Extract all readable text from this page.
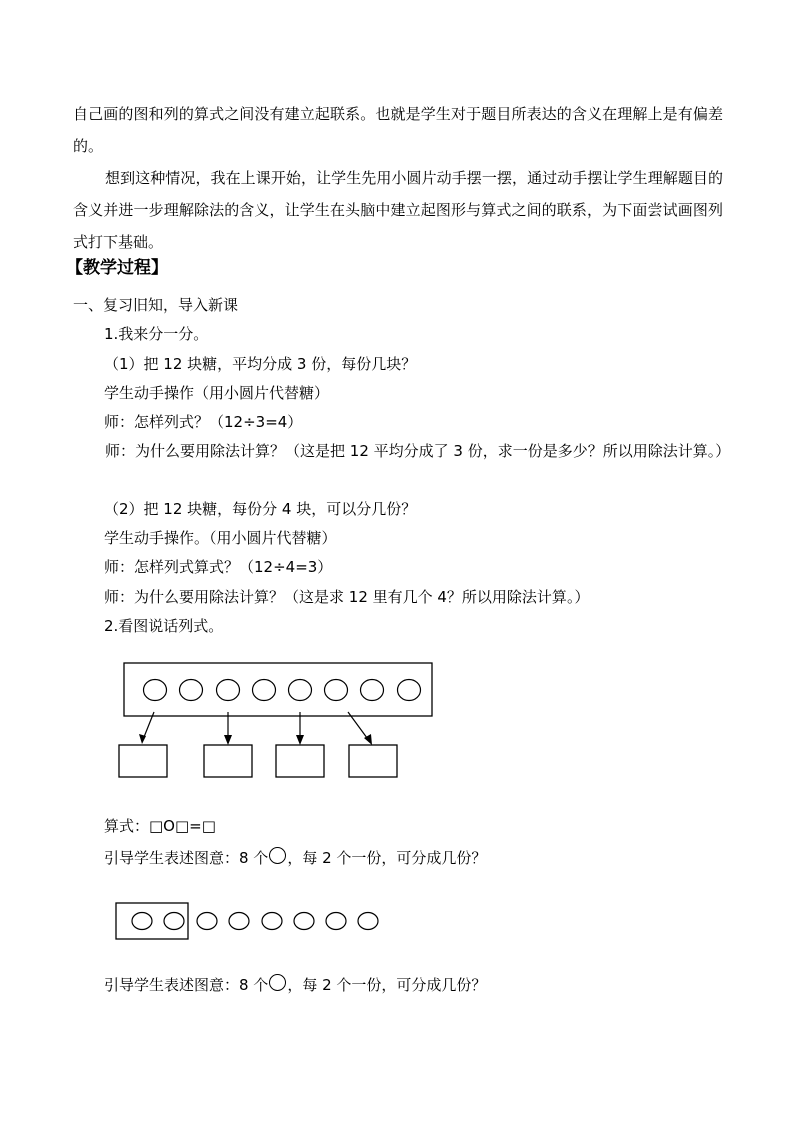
自己画的图和列的算式之间没有建立起联系。也就是学生对于题目所表达的含义在理解上是有偏差的。
想到这种情况，我在上课开始，让学生先用小圆片动手摆一摆，通过动手摆让学生理解题目的含义并进一步理解除法的含义，让学生在头脑中建立起图形与算式之间的联系，为下面尝试画图列式打下基础。
【教学过程】
一、复习旧知，导入新课
1.我来分一分。
（1）把 12 块糖，平均分成 3 份，每份几块？
学生动手操作（用小圆片代替糖）
师：怎样列式？（12÷3=4）
师：为什么要用除法计算？（这是把 12 平均分成了 3 份，求一份是多少？所以用除法计算。）
（2）把 12 块糖，每份分 4 块，可以分几份？
学生动手操作。（用小圆片代替糖）
师：怎样列式算式？（12÷4=3）
师：为什么要用除法计算？（这是求 12 里有几个 4？所以用除法计算。）
2.看图说话列式。
算式：□O□=□
引导学生表述图意：8 个 ，每 2 个一份，可分成几份？
引导学生表述图意：8 个 ，每 2 个一份，可分成几份？
